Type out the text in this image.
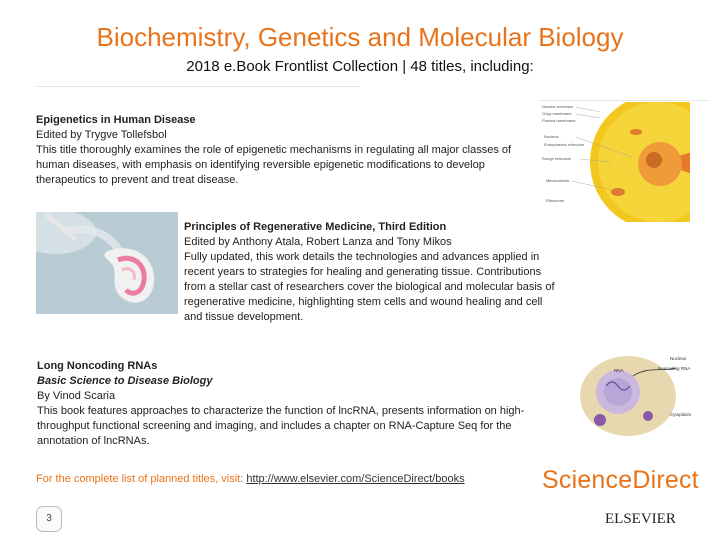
Biochemistry, Genetics and Molecular Biology
2018 e.Book Frontlist Collection | 48 titles, including:
Epigenetics in Human Disease
Edited by Trygve Tollefsbol
This title thoroughly examines the role of epigenetic mechanisms in regulating all major classes of
human diseases, with emphasis on identifying reversible epigenetic modifications to develop
therapeutics to prevent and treat disease.
Nuclear envelope
Golgi membrane
Plasma membrane
Nucleus
Endoplasmic reticulum
Rough reticulum
Mitochondria
Ribosome
Principles of Regenerative Medicine, Third Edition
Edited by Anthony Atala, Robert Lanza and Tony Mikos
Fully updated, this work details the technologies and advances applied in
recent years to strategies for healing and generating tissue. Contributions
from a stellar cast of researchers cover the biological and molecular basis of
regenerative medicine, highlighting stem cells and wound healing and cell
and tissue development.
Nucleus
RNA	Noncoding RNA
Cytoplasm
Long Noncoding RNAs
Basic Science to Disease Biology
By Vinod Scaria
This book features approaches to characterize the function of lncRNA, presents information on high-
throughput functional screening and imaging, and includes a chapter on RNA-Capture Seq for the
annotation of lncRNAs.
For the complete list of planned titles, visit: http://www.elsevier.com/ScienceDirect/books
3
ScienceDirect
ELSEVIER
